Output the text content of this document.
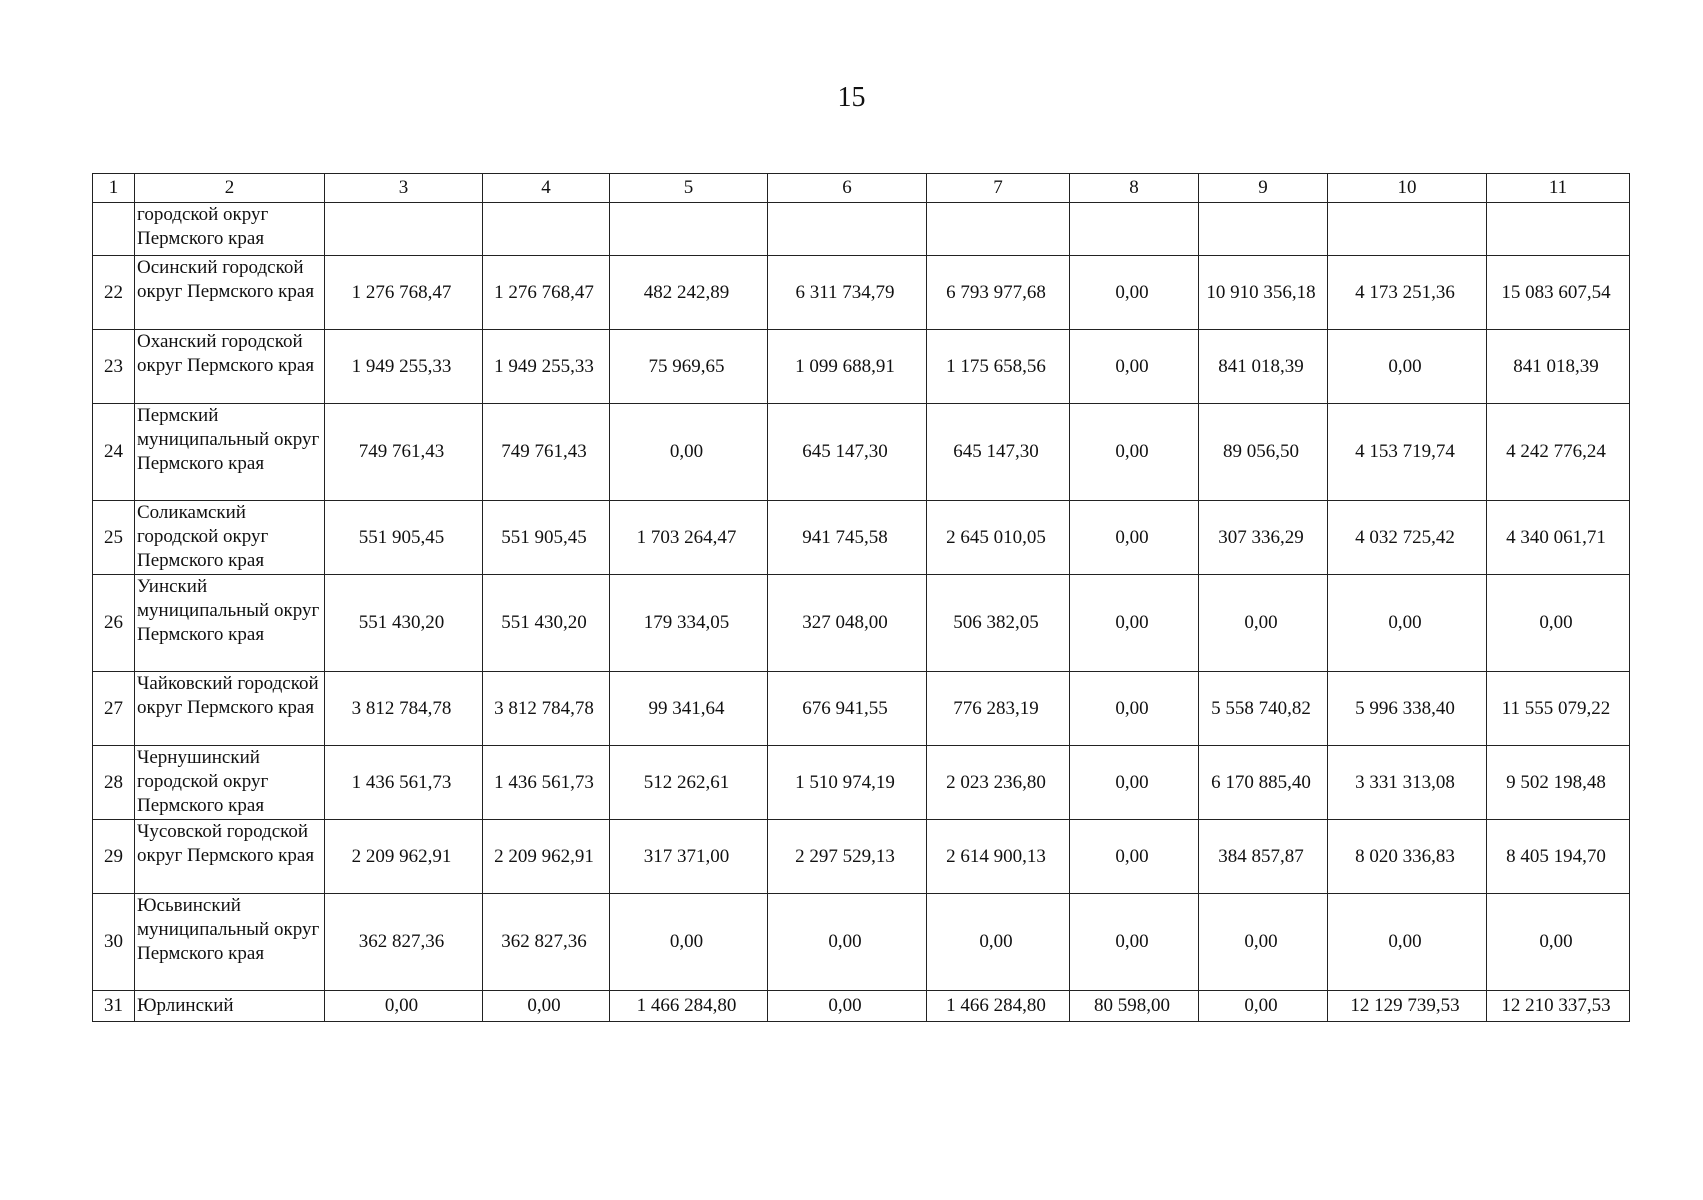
15
1	2	3	4	5	6	7	8	9	10	11
	городской округ Пермского края									
22	Осинский городской округ Пермского края	1 276 768,47	1 276 768,47	482 242,89	6 311 734,79	6 793 977,68	0,00	10 910 356,18	4 173 251,36	15 083 607,54
23	Оханский городской округ Пермского края	1 949 255,33	1 949 255,33	75 969,65	1 099 688,91	1 175 658,56	0,00	841 018,39	0,00	841 018,39
24	Пермский муниципальный округ Пермского края	749 761,43	749 761,43	0,00	645 147,30	645 147,30	0,00	89 056,50	4 153 719,74	4 242 776,24
25	Соликамский городской округ Пермского края	551 905,45	551 905,45	1 703 264,47	941 745,58	2 645 010,05	0,00	307 336,29	4 032 725,42	4 340 061,71
26	Уинский муниципальный округ Пермского края	551 430,20	551 430,20	179 334,05	327 048,00	506 382,05	0,00	0,00	0,00	0,00
27	Чайковский городской округ Пермского края	3 812 784,78	3 812 784,78	99 341,64	676 941,55	776 283,19	0,00	5 558 740,82	5 996 338,40	11 555 079,22
28	Чернушинский городской округ Пермского края	1 436 561,73	1 436 561,73	512 262,61	1 510 974,19	2 023 236,80	0,00	6 170 885,40	3 331 313,08	9 502 198,48
29	Чусовской городской округ Пермского края	2 209 962,91	2 209 962,91	317 371,00	2 297 529,13	2 614 900,13	0,00	384 857,87	8 020 336,83	8 405 194,70
30	Юсьвинский муниципальный округ Пермского края	362 827,36	362 827,36	0,00	0,00	0,00	0,00	0,00	0,00	0,00
31	Юрлинский	0,00	0,00	1 466 284,80	0,00	1 466 284,80	80 598,00	0,00	12 129 739,53	12 210 337,53
